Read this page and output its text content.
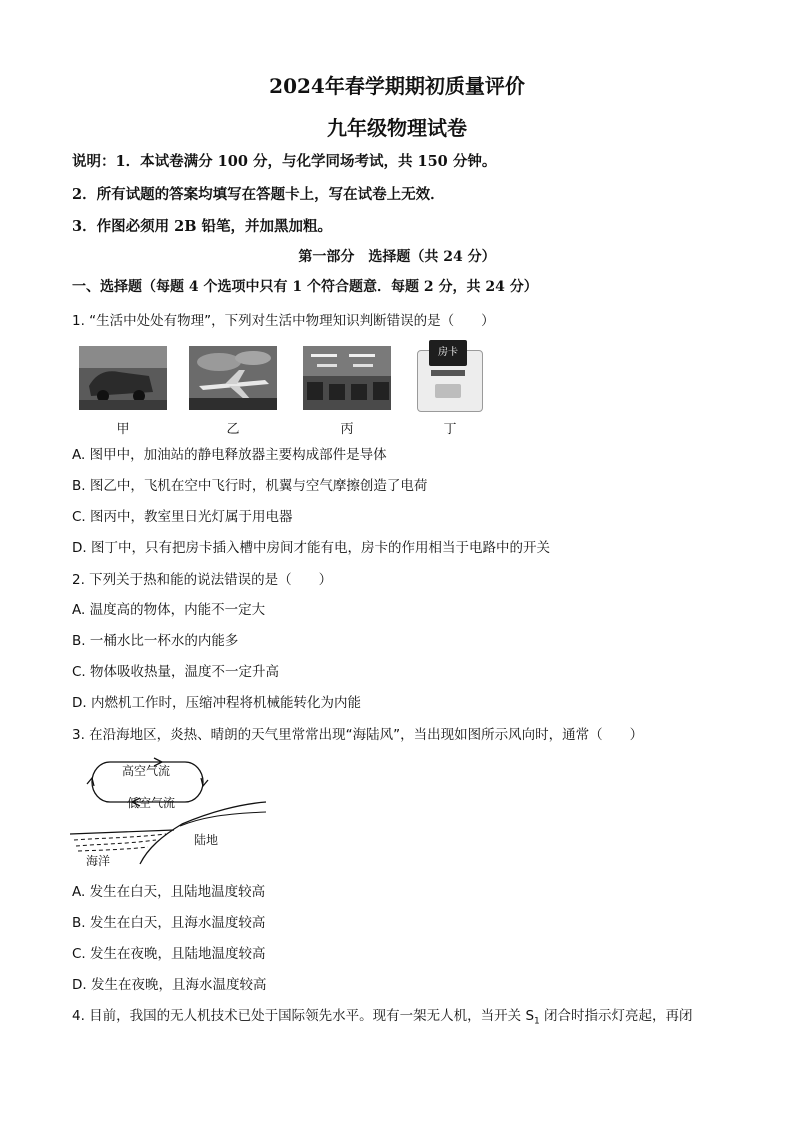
2024年春学期期初质量评价
九年级物理试卷
说明：1．本试卷满分 100 分，与化学同场考试，共 150 分钟。
2．所有试题的答案均填写在答题卡上，写在试卷上无效．
3．作图必须用 2B 铅笔，并加黑加粗。
第一部分　选择题（共 24 分）
一、选择题（每题 4 个选项中只有 1 个符合题意．每题 2 分，共 24 分）
1. “生活中处处有物理”，下列对生活中物理知识判断错误的是（　　）
甲	乙	丙
房卡
丁
A. 图甲中，加油站的静电释放器主要构成部件是导体
B. 图乙中，飞机在空中飞行时，机翼与空气摩擦创造了电荷
C. 图丙中，教室里日光灯属于用电器
D. 图丁中，只有把房卡插入槽中房间才能有电，房卡的作用相当于电路中的开关
2. 下列关于热和能的说法错误的是（　　）
A. 温度高的物体，内能不一定大
B. 一桶水比一杯水的内能多
C. 物体吸收热量，温度不一定升高
D. 内燃机工作时，压缩冲程将机械能转化为内能
3. 在沿海地区，炎热、晴朗的天气里常常出现“海陆风”，当出现如图所示风向时，通常（　　）
高空气流
低空气流
陆地
海洋
A. 发生在白天，且陆地温度较高
B. 发生在白天，且海水温度较高
C. 发生在夜晚，且陆地温度较高
D. 发生在夜晚，且海水温度较高
4. 目前，我国的无人机技术已处于国际领先水平。现有一架无人机，当开关 $S_1$ 闭合时指示灯亮起，再闭
